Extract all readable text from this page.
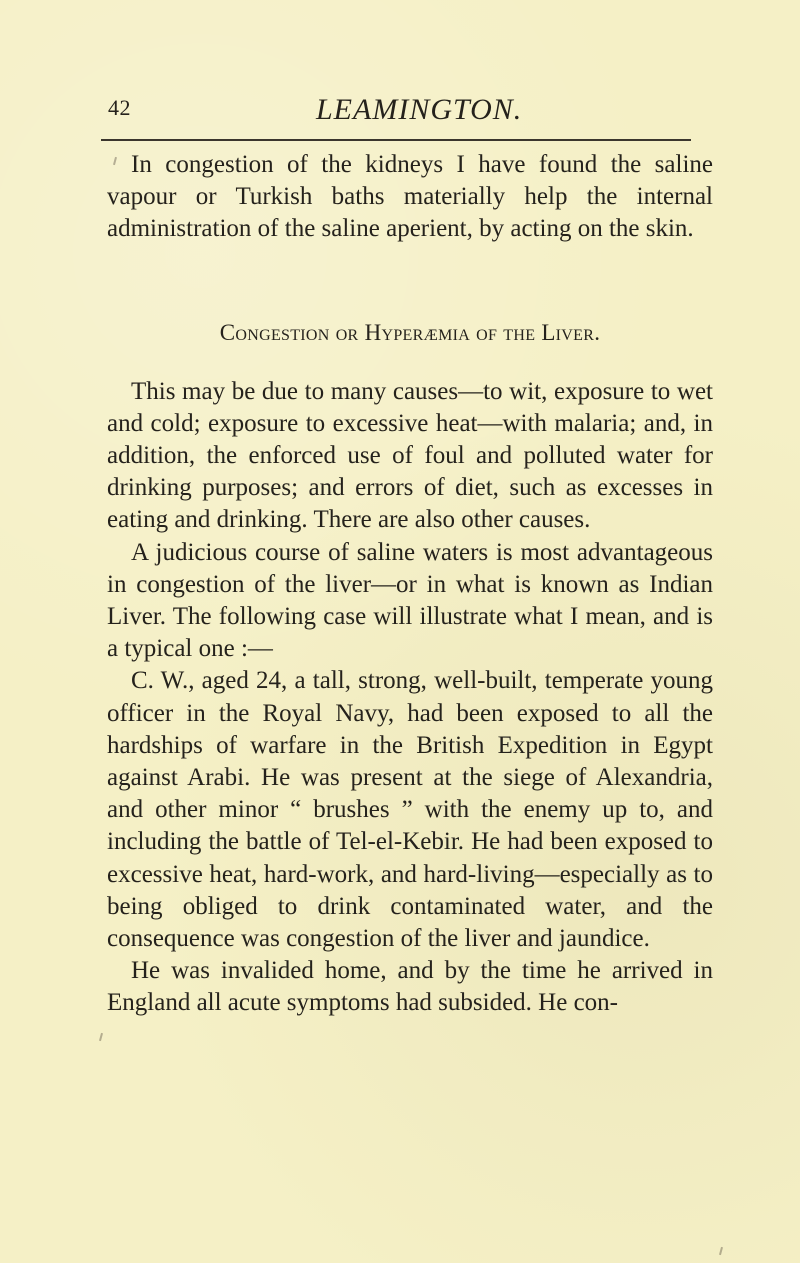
42	LEAMINGTON.

In congestion of the kidneys I have found the saline vapour or Turkish baths materially help the internal administration of the saline aperient, by acting on the skin.

Congestion or Hyperæmia of the Liver.

This may be due to many causes—to wit, exposure to wet and cold; exposure to excessive heat—with malaria; and, in addition, the enforced use of foul and polluted water for drinking purposes; and errors of diet, such as excesses in eating and drinking. There are also other causes.

A judicious course of saline waters is most advantageous in congestion of the liver—or in what is known as Indian Liver. The following case will illustrate what I mean, and is a typical one :—

C. W., aged 24, a tall, strong, well-built, temperate young officer in the Royal Navy, had been exposed to all the hardships of warfare in the British Expedition in Egypt against Arabi. He was present at the siege of Alexandria, and other minor “ brushes ” with the enemy up to, and including the battle of Tel-el-Kebir. He had been exposed to excessive heat, hard-work, and hard-living—especially as to being obliged to drink contaminated water, and the consequence was congestion of the liver and jaundice.

He was invalided home, and by the time he arrived in England all acute symptoms had subsided. He con-
